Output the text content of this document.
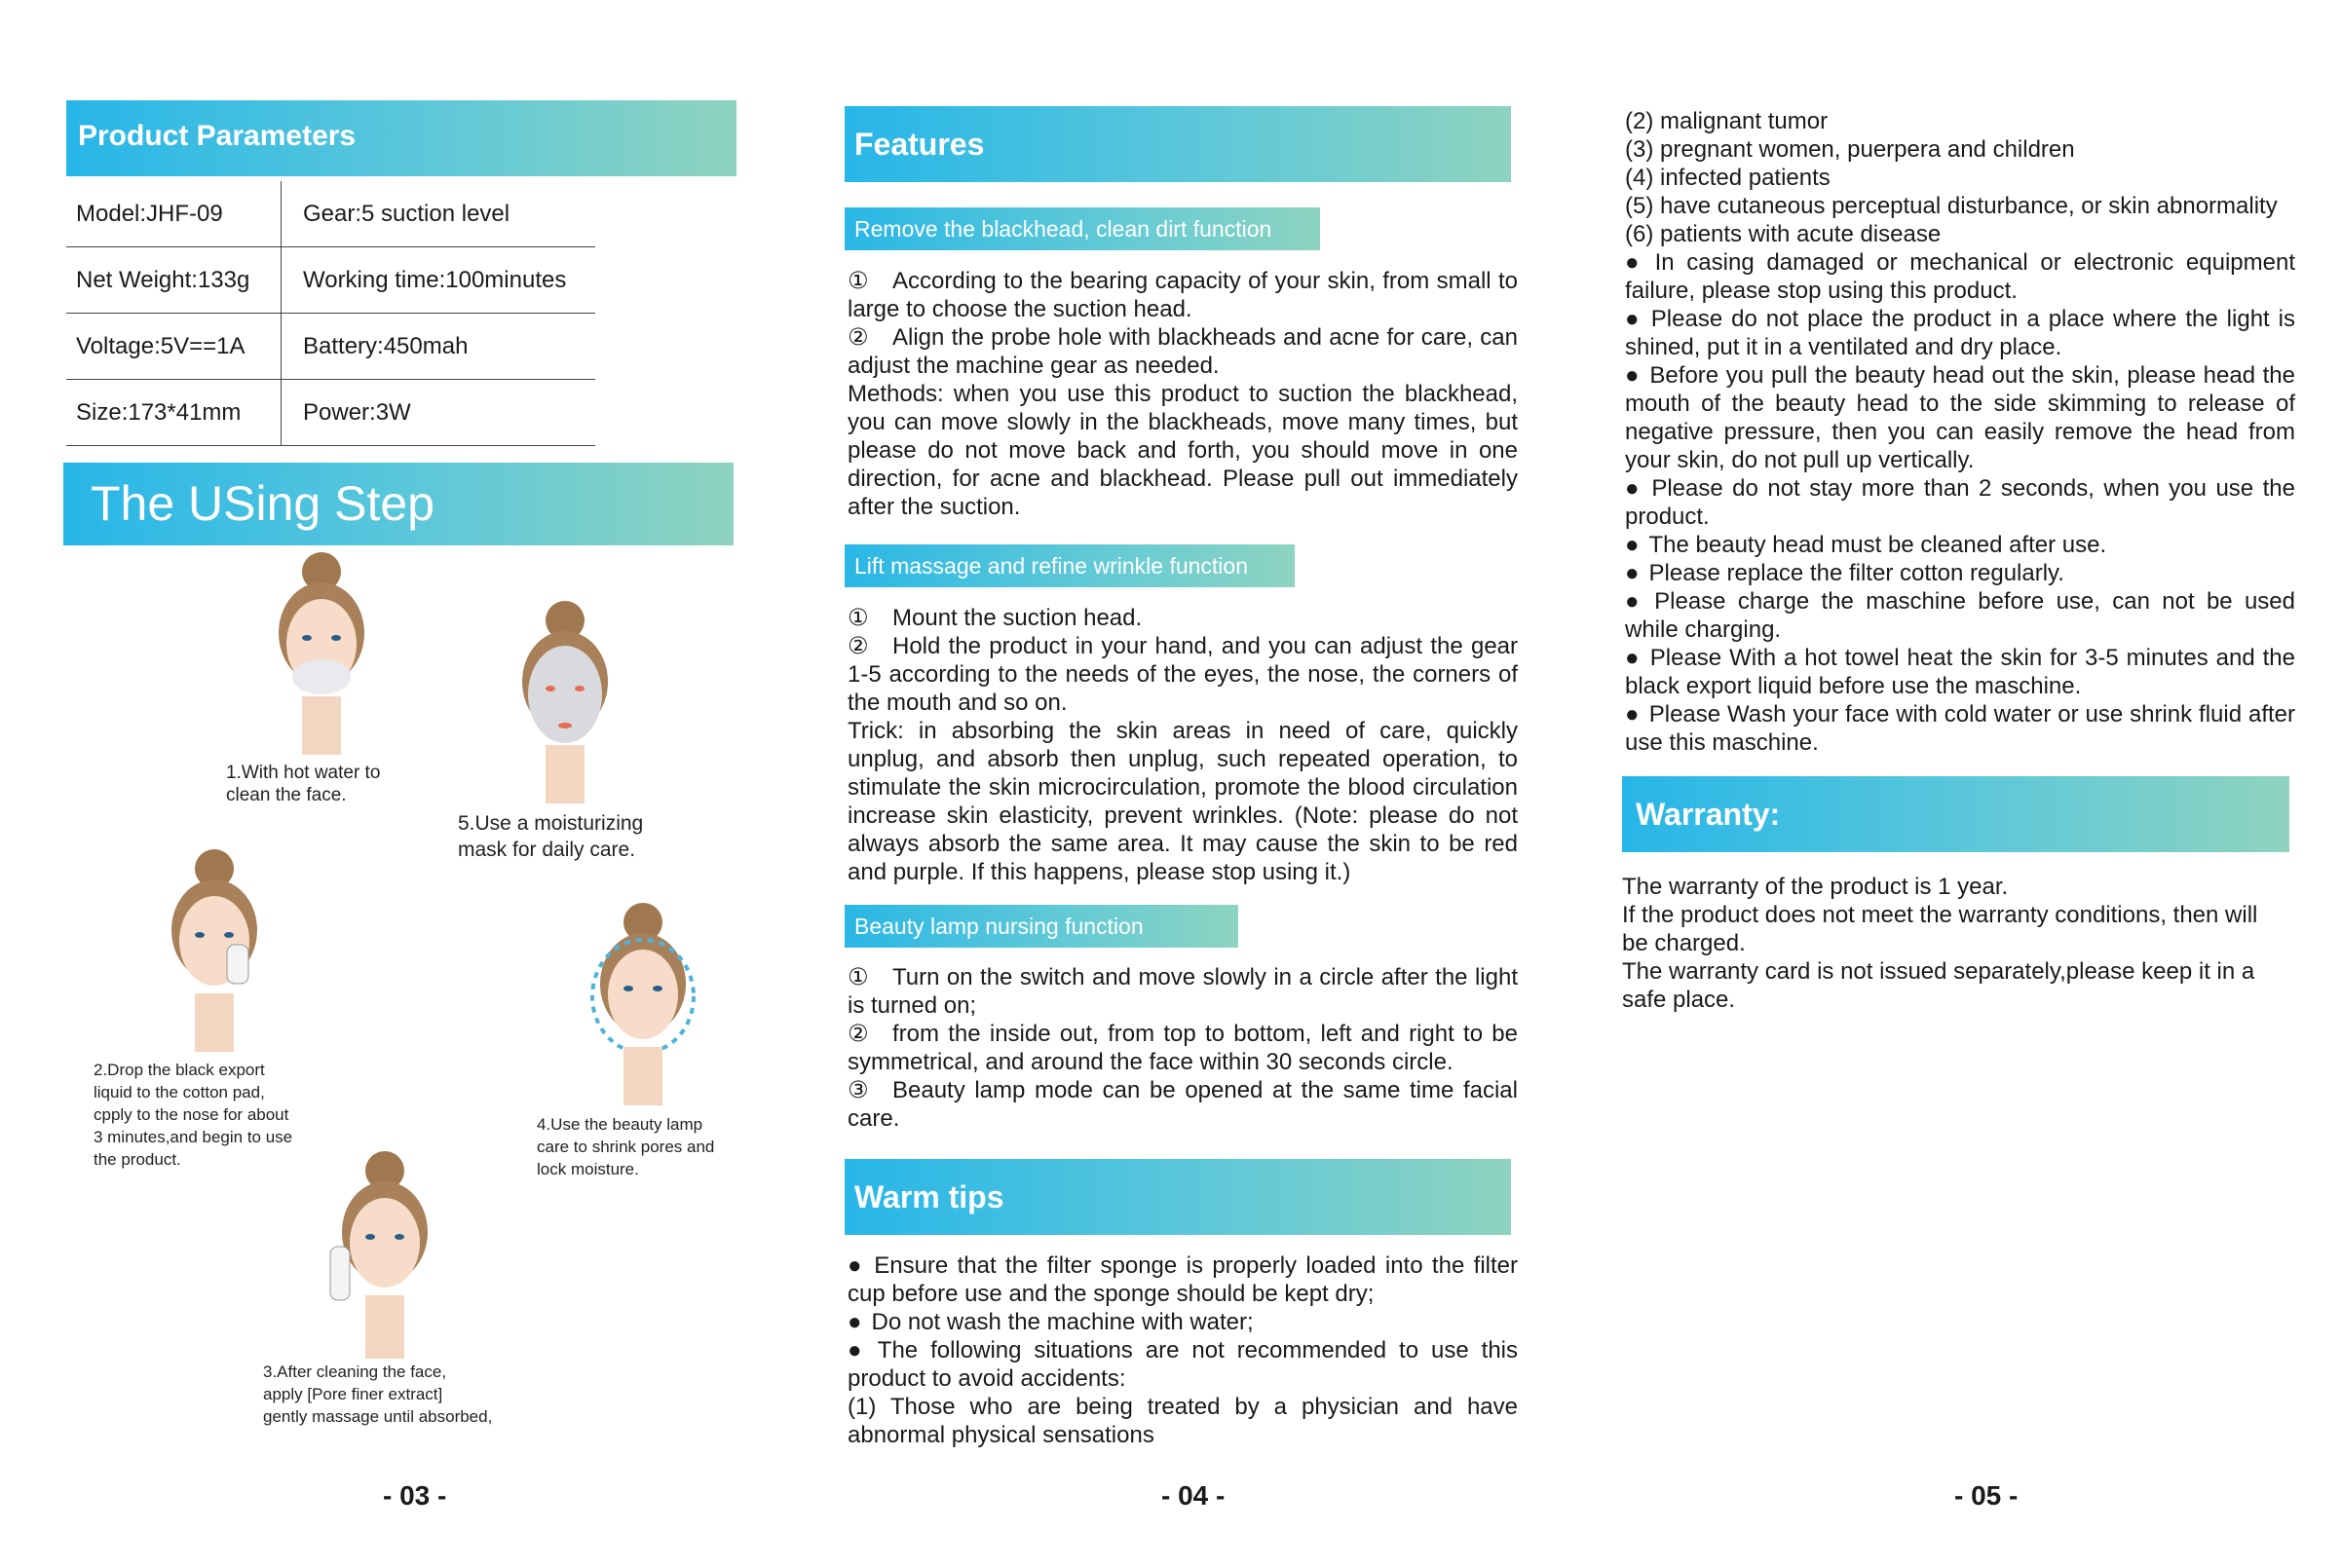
Product Parameters
Model:JHF-09	Gear:5 suction level
Net Weight:133g	Working time:100minutes
Voltage:5V==1A	Battery:450mah
Size:173*41mm	Power:3W
The USing Step
1.With hot water to
clean the face.
5.Use a moisturizing
mask for daily care.
2.Drop the black export
liquid to the cotton pad,
cpply to the nose for about
3 minutes,and begin to use
the product.
4.Use the beauty lamp
care to shrink pores and
lock moisture.
3.After cleaning the face,
apply [Pore finer extract]
gently massage until absorbed,
- 03 -
Features
Remove the blackhead, clean dirt function

① According to the bearing capacity of your skin, from small to large to choose the suction head.

② Align the probe hole with blackheads and acne for care, can adjust the machine gear as needed.

Methods: when you use this product to suction the blackhead, you can move slowly in the blackheads, move many times, but please do not move back and forth, you should move in one direction, for acne and blackhead. Please pull out immediately after the suction.

Lift massage and refine wrinkle function

① Mount the suction head.

② Hold the product in your hand, and you can adjust the gear 1-5 according to the needs of the eyes, the nose, the corners of the mouth and so on.

Trick: in absorbing the skin areas in need of care, quickly unplug, and absorb then unplug, such repeated operation, to stimulate the skin microcirculation, promote the blood circulation increase skin elasticity, prevent wrinkles. (Note: please do not always absorb the same area. It may cause the skin to be red and purple. If this happens, please stop using it.)

Beauty lamp nursing function

① Turn on the switch and move slowly in a circle after the light is turned on;

② from the inside out, from top to bottom, left and right to be symmetrical, and around the face within 30 seconds circle.

③ Beauty lamp mode can be opened at the same time facial care.

Warm tips

● Ensure that the filter sponge is properly loaded into the filter cup before use and the sponge should be kept dry;

● Do not wash the machine with water;

● The following situations are not recommended to use this product to avoid accidents:

(1) Those who are being treated by a physician and have abnormal physical sensations

- 04 -

(2) malignant tumor

(3) pregnant women, puerpera and children

(4) infected patients

(5) have cutaneous perceptual disturbance, or skin abnormality

(6) patients with acute disease

● In casing damaged or mechanical or electronic equipment failure, please stop using this product.

● Please do not place the product in a place where the light is shined, put it in a ventilated and dry place.

● Before you pull the beauty head out the skin, please head the mouth of the beauty head to the side skimming to release of negative pressure, then you can easily remove the head from your skin, do not pull up vertically.

● Please do not stay more than 2 seconds, when you use the product.

● The beauty head must be cleaned after use.

● Please replace the filter cotton regularly.

● Please charge the maschine before use, can not be used while charging.

● Please With a hot towel heat the skin for 3-5 minutes and the black export liquid before use the maschine.

● Please Wash your face with cold water or use shrink fluid after use this maschine.

Warranty:

The warranty of the product is 1 year.

If the product does not meet the warranty conditions, then will be charged.

The warranty card is not issued separately,please keep it in a safe place.

- 05 -
